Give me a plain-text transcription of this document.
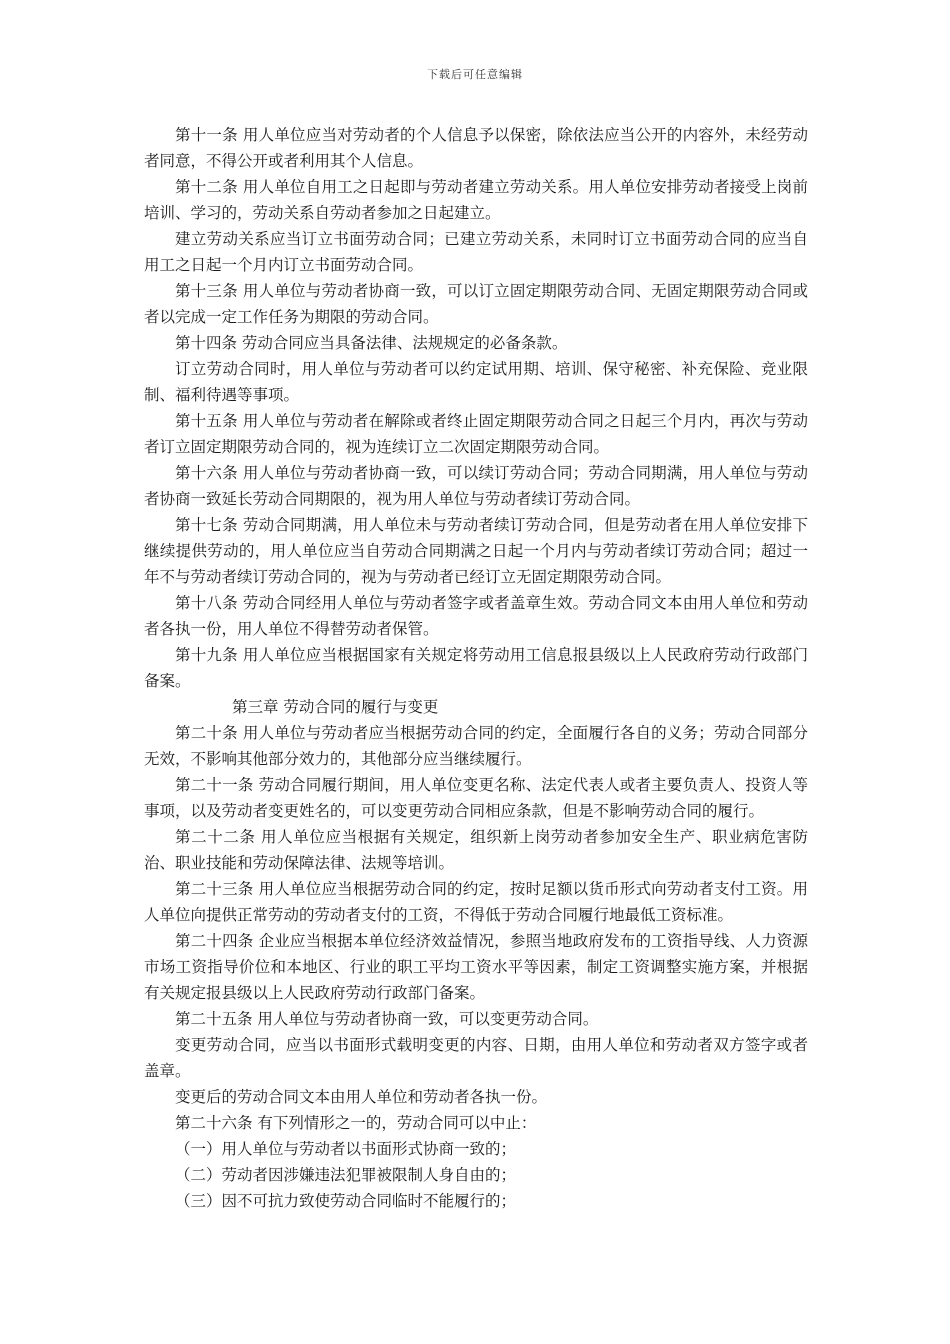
下载后可任意编辑

第十一条 用人单位应当对劳动者的个人信息予以保密，除依法应当公开的内容外，未经劳动者同意，不得公开或者利用其个人信息。

第十二条 用人单位自用工之日起即与劳动者建立劳动关系。用人单位安排劳动者接受上岗前培训、学习的，劳动关系自劳动者参加之日起建立。

建立劳动关系应当订立书面劳动合同；已建立劳动关系，未同时订立书面劳动合同的应当自用工之日起一个月内订立书面劳动合同。

第十三条 用人单位与劳动者协商一致，可以订立固定期限劳动合同、无固定期限劳动合同或者以完成一定工作任务为期限的劳动合同。

第十四条 劳动合同应当具备法律、法规规定的必备条款。

订立劳动合同时，用人单位与劳动者可以约定试用期、培训、保守秘密、补充保险、竞业限制、福利待遇等事项。

第十五条 用人单位与劳动者在解除或者终止固定期限劳动合同之日起三个月内，再次与劳动者订立固定期限劳动合同的，视为连续订立二次固定期限劳动合同。

第十六条 用人单位与劳动者协商一致，可以续订劳动合同；劳动合同期满，用人单位与劳动者协商一致延长劳动合同期限的，视为用人单位与劳动者续订劳动合同。

第十七条 劳动合同期满，用人单位未与劳动者续订劳动合同，但是劳动者在用人单位安排下继续提供劳动的，用人单位应当自劳动合同期满之日起一个月内与劳动者续订劳动合同；超过一年不与劳动者续订劳动合同的，视为与劳动者已经订立无固定期限劳动合同。

第十八条 劳动合同经用人单位与劳动者签字或者盖章生效。劳动合同文本由用人单位和劳动者各执一份，用人单位不得替劳动者保管。

第十九条 用人单位应当根据国家有关规定将劳动用工信息报县级以上人民政府劳动行政部门备案。

第三章 劳动合同的履行与变更

第二十条 用人单位与劳动者应当根据劳动合同的约定，全面履行各自的义务；劳动合同部分无效，不影响其他部分效力的，其他部分应当继续履行。

第二十一条 劳动合同履行期间，用人单位变更名称、法定代表人或者主要负责人、投资人等事项，以及劳动者变更姓名的，可以变更劳动合同相应条款，但是不影响劳动合同的履行。

第二十二条 用人单位应当根据有关规定，组织新上岗劳动者参加安全生产、职业病危害防治、职业技能和劳动保障法律、法规等培训。

第二十三条 用人单位应当根据劳动合同的约定，按时足额以货币形式向劳动者支付工资。用人单位向提供正常劳动的劳动者支付的工资，不得低于劳动合同履行地最低工资标准。

第二十四条 企业应当根据本单位经济效益情况，参照当地政府发布的工资指导线、人力资源市场工资指导价位和本地区、行业的职工平均工资水平等因素，制定工资调整实施方案，并根据有关规定报县级以上人民政府劳动行政部门备案。

第二十五条 用人单位与劳动者协商一致，可以变更劳动合同。

变更劳动合同，应当以书面形式载明变更的内容、日期，由用人单位和劳动者双方签字或者盖章。

变更后的劳动合同文本由用人单位和劳动者各执一份。

第二十六条 有下列情形之一的，劳动合同可以中止：

（一）用人单位与劳动者以书面形式协商一致的；

（二）劳动者因涉嫌违法犯罪被限制人身自由的；

（三）因不可抗力致使劳动合同临时不能履行的；
